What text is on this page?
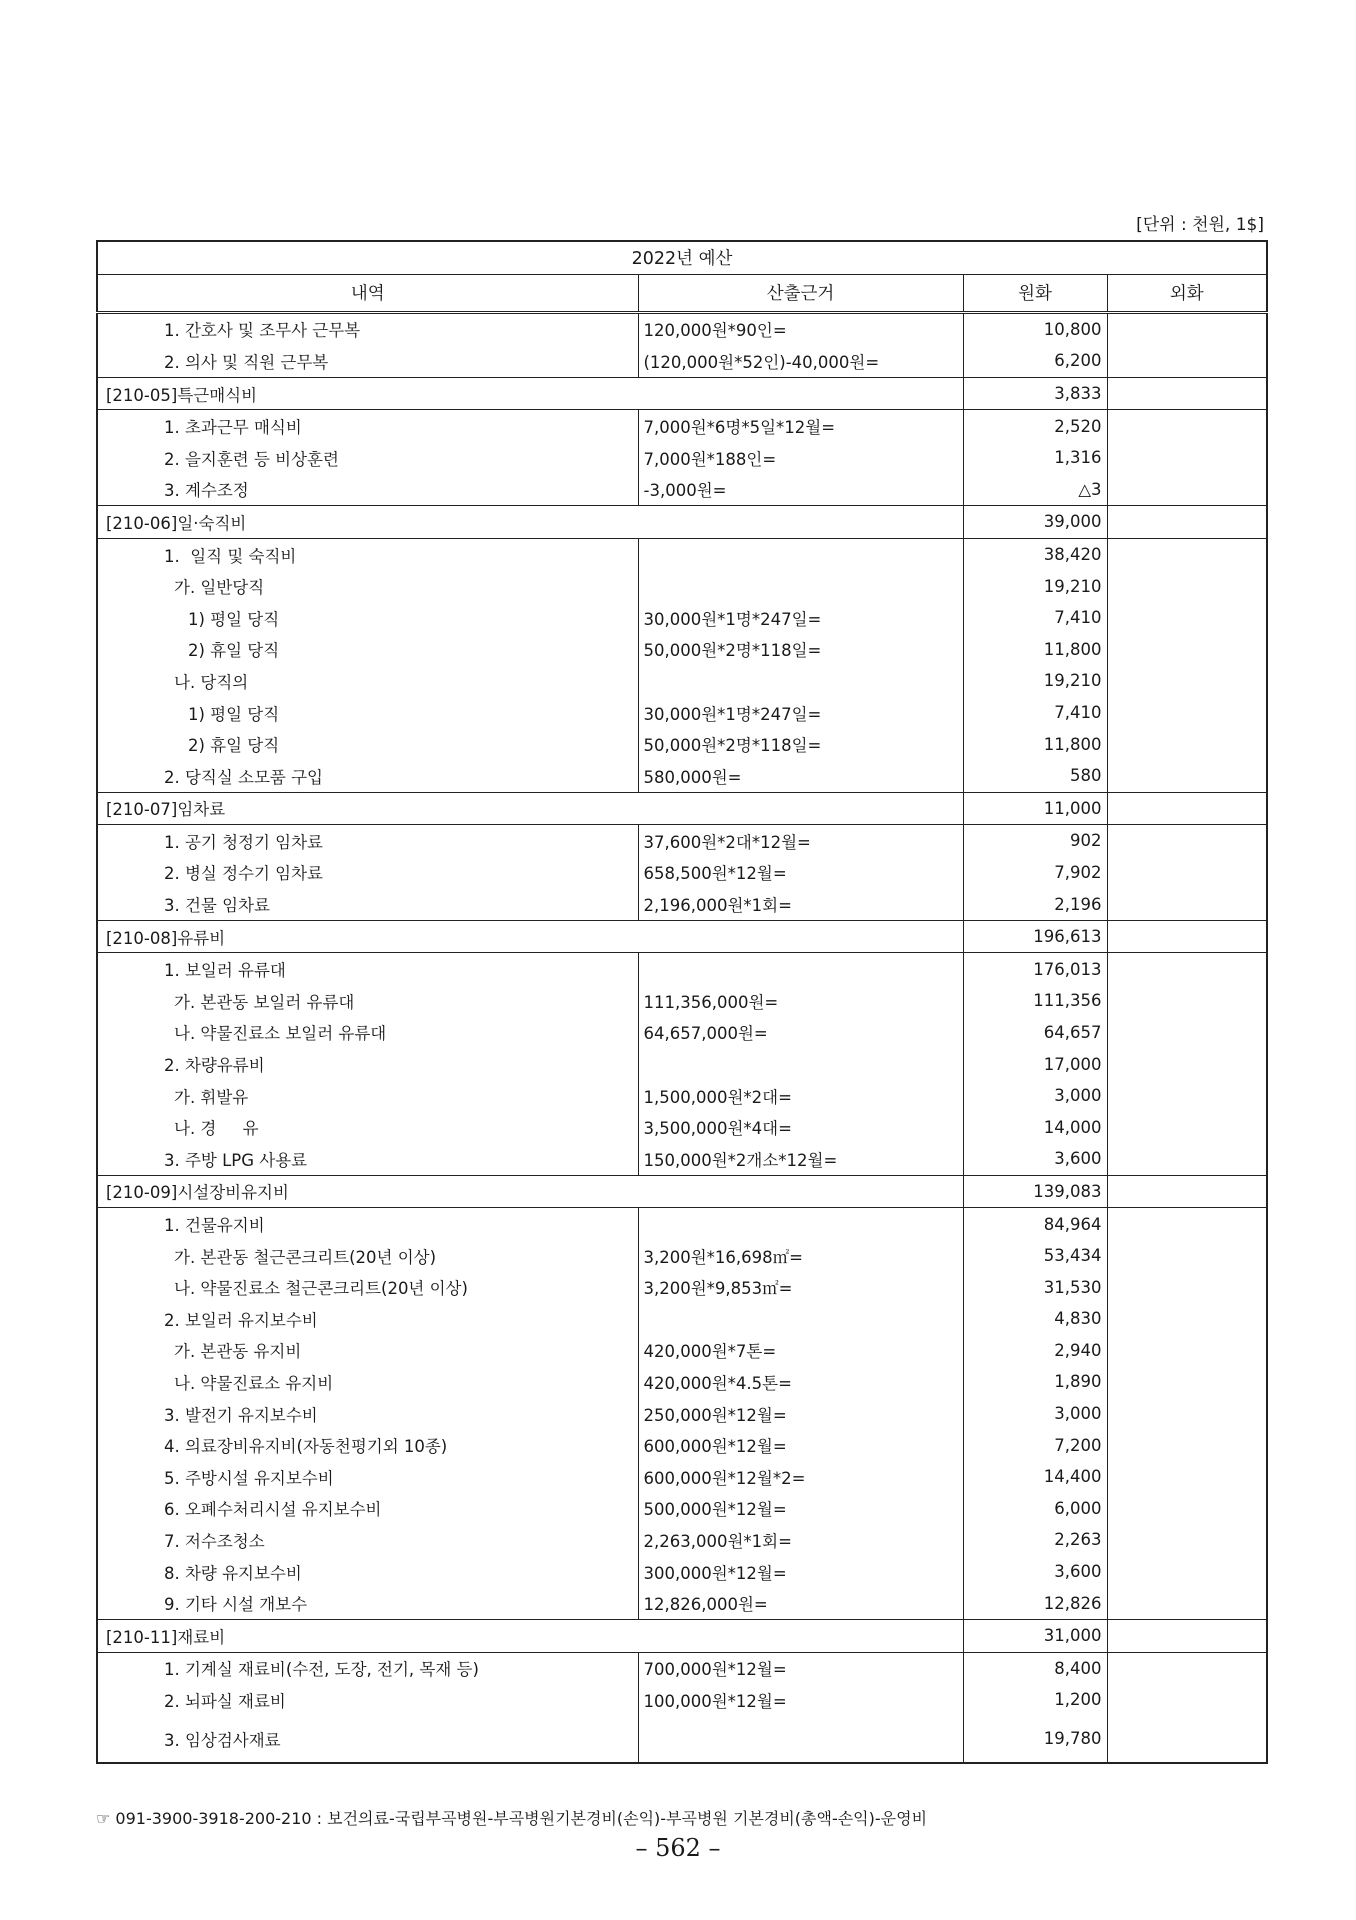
[단위 : 천원, 1$]
2022년 예산			
내역	산출근거	원화	외화
1. 간호사 및 조무사 근무복	120,000원*90인=	10,800	
2. 의사 및 직원 근무복	(120,000원*52인)-40,000원=	6,200	
[210-05]특근매식비		3,833	
1. 초과근무 매식비	7,000원*6명*5일*12월=	2,520	
2. 을지훈련 등 비상훈련	7,000원*188인=	1,316	
3. 계수조정	-3,000원=	△3	
[210-06]일·숙직비		39,000	
1.  일직 및 숙직비		38,420	
가. 일반당직		19,210	
1) 평일 당직	30,000원*1명*247일=	7,410	
2) 휴일 당직	50,000원*2명*118일=	11,800	
나. 당직의		19,210	
1) 평일 당직	30,000원*1명*247일=	7,410	
2) 휴일 당직	50,000원*2명*118일=	11,800	
2. 당직실 소모품 구입	580,000원=	580	
[210-07]임차료		11,000	
1. 공기 청정기 임차료	37,600원*2대*12월=	902	
2. 병실 정수기 임차료	658,500원*12월=	7,902	
3. 건물 임차료	2,196,000원*1회=	2,196	
[210-08]유류비		196,613	
1. 보일러 유류대		176,013	
가. 본관동 보일러 유류대	111,356,000원=	111,356	
나. 약물진료소 보일러 유류대	64,657,000원=	64,657	
2. 차량유류비		17,000	
가. 휘발유	1,500,000원*2대=	3,000	
나. 경     유	3,500,000원*4대=	14,000	
3. 주방 LPG 사용료	150,000원*2개소*12월=	3,600	
[210-09]시설장비유지비		139,083	
1. 건물유지비		84,964	
가. 본관동 철근콘크리트(20년 이상)	3,200원*16,698㎡=	53,434	
나. 약물진료소 철근콘크리트(20년 이상)	3,200원*9,853㎡=	31,530	
2. 보일러 유지보수비		4,830	
가. 본관동 유지비	420,000원*7톤=	2,940	
나. 약물진료소 유지비	420,000원*4.5톤=	1,890	
3. 발전기 유지보수비	250,000원*12월=	3,000	
4. 의료장비유지비(자동천평기외 10종)	600,000원*12월=	7,200	
5. 주방시설 유지보수비	600,000원*12월*2=	14,400	
6. 오폐수처리시설 유지보수비	500,000원*12월=	6,000	
7. 저수조청소	2,263,000원*1회=	2,263	
8. 차량 유지보수비	300,000원*12월=	3,600	
9. 기타 시설 개보수	12,826,000원=	12,826	
[210-11]재료비		31,000	
1. 기계실 재료비(수전, 도장, 전기, 목재 등)	700,000원*12월=	8,400	
2. 뇌파실 재료비	100,000원*12월=	1,200	
3. 임상검사재료		19,780	
☞ 091-3900-3918-200-210 : 보건의료-국립부곡병원-부곡병원기본경비(손익)-부곡병원 기본경비(총액-손익)-운영비
– 562 –
